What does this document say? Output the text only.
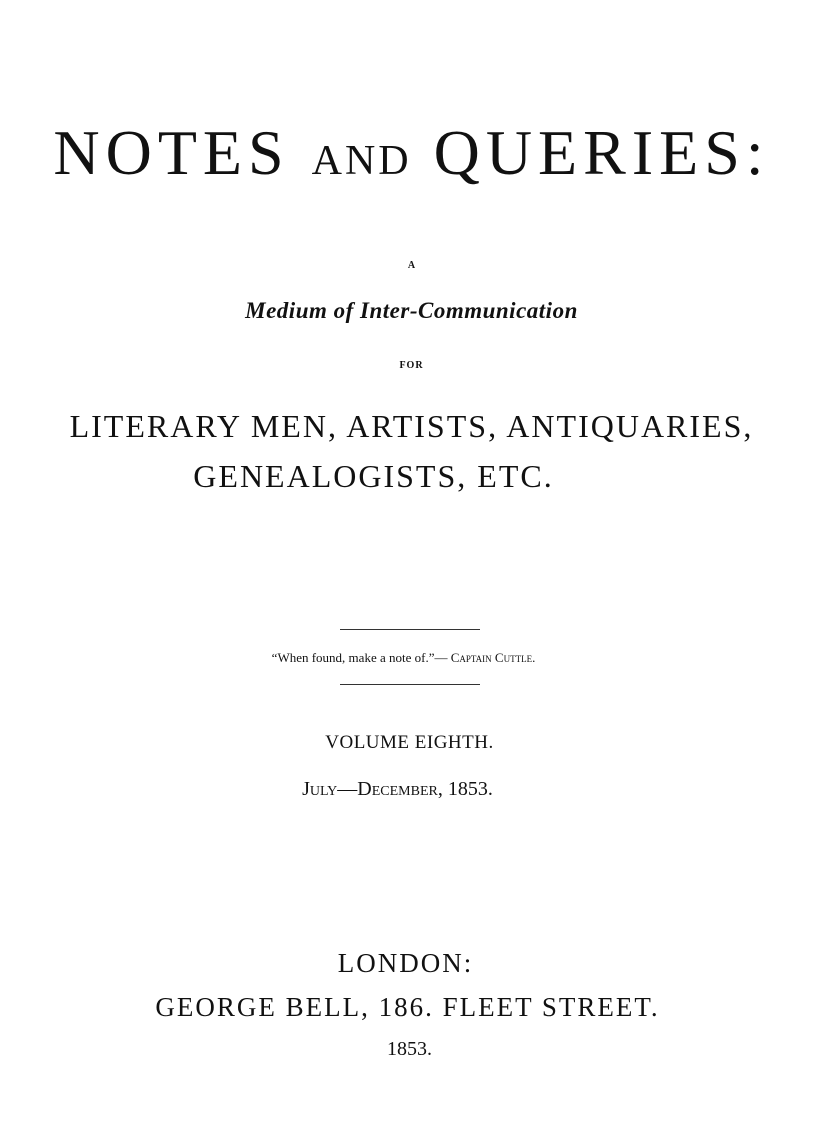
NOTES AND QUERIES:
A
Medium of Inter-Communication
FOR
LITERARY MEN, ARTISTS, ANTIQUARIES,
GENEALOGISTS, ETC.
“When found, make a note of.”— Captain Cuttle.
VOLUME EIGHTH.
July—December, 1853.
LONDON:
GEORGE BELL, 186. FLEET STREET.
1853.
